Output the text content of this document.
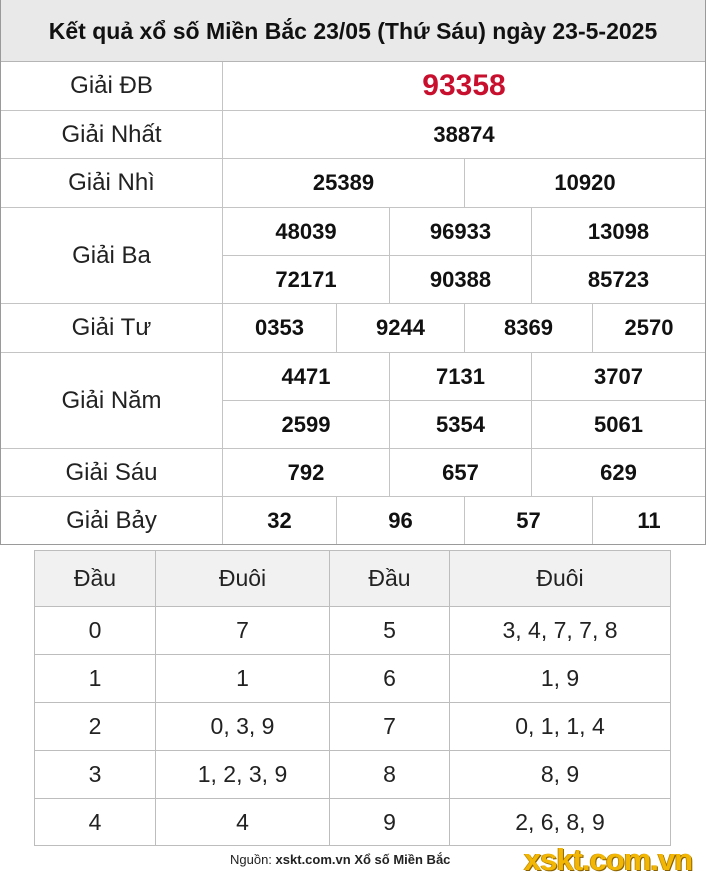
Kết quả xổ số Miền Bắc 23/05 (Thứ Sáu) ngày 23-5-2025
Giải ĐB	93358
Giải Nhất	38874
Giải Nhì	25389	10920
Giải Ba
48039	96933	13098
72171	90388	85723
Giải Tư	0353	9244	8369	2570
Giải Năm
4471	7131	3707
2599	5354	5061
Giải Sáu	792	657	629
Giải Bảy	32	96	57	11
Đầu	Đuôi	Đầu	Đuôi
0	7	5	3, 4, 7, 7, 8
1	1	6	1, 9
2	0, 3, 9	7	0, 1, 1, 4
3	1, 2, 3, 9	8	8, 9
4	4	9	2, 6, 8, 9
Nguồn: xskt.com.vn Xổ số Miền Bắc xskt.com.vn
